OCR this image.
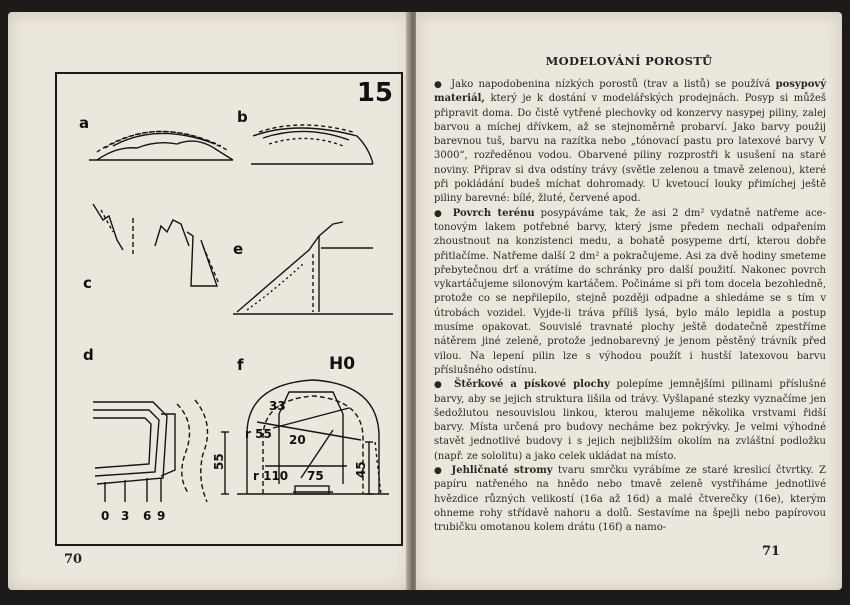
15
a	b
c
e
d
f	H0
33
r 55 20
r 110 75
55	45
0 3 6 9
70
MODELOVÁNÍ POROSTŮ

● Jako napodobenina nízkých porostů (trav a listů) se používá posypový materiál, který je k dostání v modelářských prodejnách. Posyp si můžeš připravit doma. Do čistě vytřené plechovky od konzervy nasypej piliny, zalej barvou a míchej dřívkem, až se stejnoměrně probarví. Jako barvy použij barevnou tuš, barvu na razítka nebo „tónovací pastu pro latexové barvy V 3000“, rozředěnou vodou. Obarvené piliny rozprostři k usušení na staré noviny. Připrav si dva odstíny trávy (světle zelenou a tmavě zelenou), které při pokládání budeš míchat dohromady. U kvetoucí louky přimíchej ještě piliny barevné: bílé, žluté, červené apod.

● Povrch terénu posypáváme tak, že asi 2 dm² vydatně natřeme acetonovým lakem potřebné barvy, který jsme předem nechali odpařením zhoustnout na konzistenci medu, a bohatě posypeme drtí, kterou dobře přitlačíme. Natřeme další 2 dm² a pokračujeme. Asi za dvě hodiny smeteme přebytečnou drť a vrátíme do schránky pro další použití. Nakonec povrch vykartáčujeme silonovým kartáčem. Počináme si při tom docela bezohledně, protože co se nepřilepilo, stejně později odpadne a shledáme se s tím v útrobách vozidel. Vyjde-li tráva příliš lysá, bylo málo lepidla a postup musíme opakovat. Souvislé travnaté plochy ještě dodatečně zpestříme nátěrem jiné zeleně, protože jednobarevný je jenom pěstěný trávník před vilou. Na lepení pilin lze s výhodou použít i hustší latexovou barvu příslušného odstínu.

● Štěrkové a pískové plochy polepíme jemnějšími pilinami příslušné barvy, aby se jejich struktura lišila od trávy. Vyšlapané stezky vyznačíme jen šedožlutou nesouvislou linkou, kterou malujeme několika vrstvami řidší barvy. Místa určená pro budovy necháme bez pokrývky. Je velmi výhodné stavět jednotlivé budovy i s jejich nejbližším okolím na zvláštní podložku (např. ze sololitu) a jako celek ukládat na místo.

● Jehličnaté stromy tvaru smrčku vyrábíme ze staré kreslicí čtvrtky. Z papíru natřeného na hnědo nebo tmavě zeleně vystřiháme jednotlivé hvězdice různých velikostí (16a až 16d) a malé čtverečky (16e), kterým ohneme rohy střídavě nahoru a dolů. Sestavíme na špejli nebo papírovou trubičku omotanou kolem drátu (16f) a namo-

71
